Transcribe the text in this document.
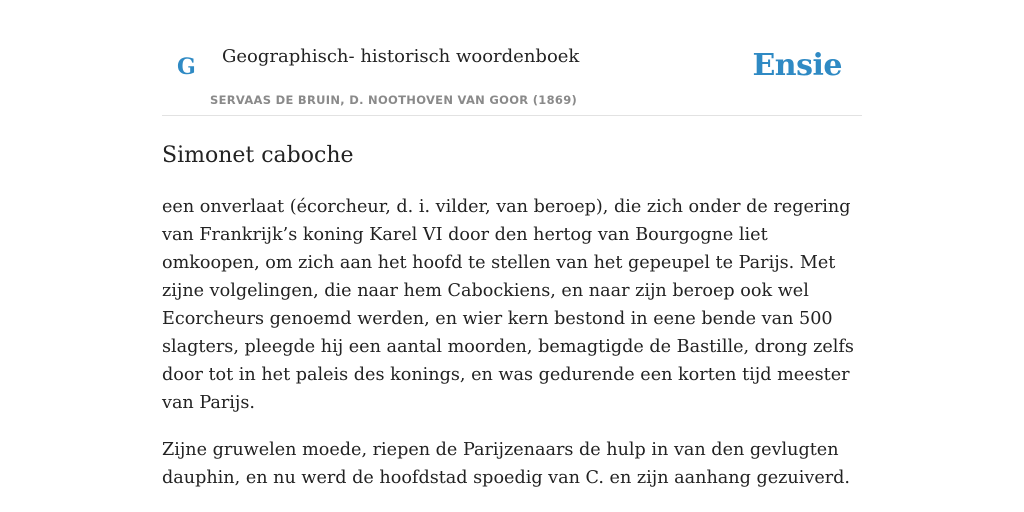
G Geographisch- historisch woordenboek
SERVAAS DE BRUIN, D. NOOTHOVEN VAN GOOR (1869)
Ensie
Simonet caboche

een onverlaat (écorcheur, d. i. vilder, van beroep), die zich onder de regering van Frankrijk’s koning Karel VI door den hertog van Bourgogne liet omkoopen, om zich aan het hoofd te stellen van het gepeupel te Parijs. Met zijne volgelingen, die naar hem Cabockiens, en naar zijn beroep ook wel Ecorcheurs genoemd werden, en wier kern bestond in eene bende van 500 slagters, pleegde hij een aantal moorden, bemagtigde de Bastille, drong zelfs door tot in het paleis des konings, en was gedurende een korten tijd meester van Parijs.

Zijne gruwelen moede, riepen de Parijzenaars de hulp in van den gevlugten dauphin, en nu werd de hoofdstad spoedig van C. en zijn aanhang gezuiverd.
